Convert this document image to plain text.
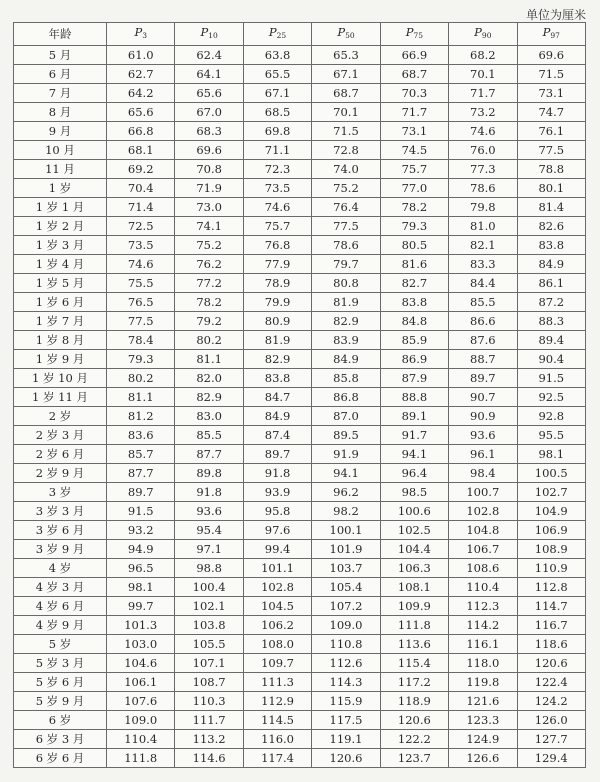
单位为厘米
年龄	$P_3$	$P_{10}$	$P_{25}$	$P_{50}$	$P_{75}$	$P_{90}$	$P_{97}$
5 月	61.0	62.4	63.8	65.3	66.9	68.2	69.6
6 月	62.7	64.1	65.5	67.1	68.7	70.1	71.5
7 月	64.2	65.6	67.1	68.7	70.3	71.7	73.1
8 月	65.6	67.0	68.5	70.1	71.7	73.2	74.7
9 月	66.8	68.3	69.8	71.5	73.1	74.6	76.1
10 月	68.1	69.6	71.1	72.8	74.5	76.0	77.5
11 月	69.2	70.8	72.3	74.0	75.7	77.3	78.8
1 岁	70.4	71.9	73.5	75.2	77.0	78.6	80.1
1 岁 1 月	71.4	73.0	74.6	76.4	78.2	79.8	81.4
1 岁 2 月	72.5	74.1	75.7	77.5	79.3	81.0	82.6
1 岁 3 月	73.5	75.2	76.8	78.6	80.5	82.1	83.8
1 岁 4 月	74.6	76.2	77.9	79.7	81.6	83.3	84.9
1 岁 5 月	75.5	77.2	78.9	80.8	82.7	84.4	86.1
1 岁 6 月	76.5	78.2	79.9	81.9	83.8	85.5	87.2
1 岁 7 月	77.5	79.2	80.9	82.9	84.8	86.6	88.3
1 岁 8 月	78.4	80.2	81.9	83.9	85.9	87.6	89.4
1 岁 9 月	79.3	81.1	82.9	84.9	86.9	88.7	90.4
1 岁 10 月	80.2	82.0	83.8	85.8	87.9	89.7	91.5
1 岁 11 月	81.1	82.9	84.7	86.8	88.8	90.7	92.5
2 岁	81.2	83.0	84.9	87.0	89.1	90.9	92.8
2 岁 3 月	83.6	85.5	87.4	89.5	91.7	93.6	95.5
2 岁 6 月	85.7	87.7	89.7	91.9	94.1	96.1	98.1
2 岁 9 月	87.7	89.8	91.8	94.1	96.4	98.4	100.5
3 岁	89.7	91.8	93.9	96.2	98.5	100.7	102.7
3 岁 3 月	91.5	93.6	95.8	98.2	100.6	102.8	104.9
3 岁 6 月	93.2	95.4	97.6	100.1	102.5	104.8	106.9
3 岁 9 月	94.9	97.1	99.4	101.9	104.4	106.7	108.9
4 岁	96.5	98.8	101.1	103.7	106.3	108.6	110.9
4 岁 3 月	98.1	100.4	102.8	105.4	108.1	110.4	112.8
4 岁 6 月	99.7	102.1	104.5	107.2	109.9	112.3	114.7
4 岁 9 月	101.3	103.8	106.2	109.0	111.8	114.2	116.7
5 岁	103.0	105.5	108.0	110.8	113.6	116.1	118.6
5 岁 3 月	104.6	107.1	109.7	112.6	115.4	118.0	120.6
5 岁 6 月	106.1	108.7	111.3	114.3	117.2	119.8	122.4
5 岁 9 月	107.6	110.3	112.9	115.9	118.9	121.6	124.2
6 岁	109.0	111.7	114.5	117.5	120.6	123.3	126.0
6 岁 3 月	110.4	113.2	116.0	119.1	122.2	124.9	127.7
6 岁 6 月	111.8	114.6	117.4	120.6	123.7	126.6	129.4
